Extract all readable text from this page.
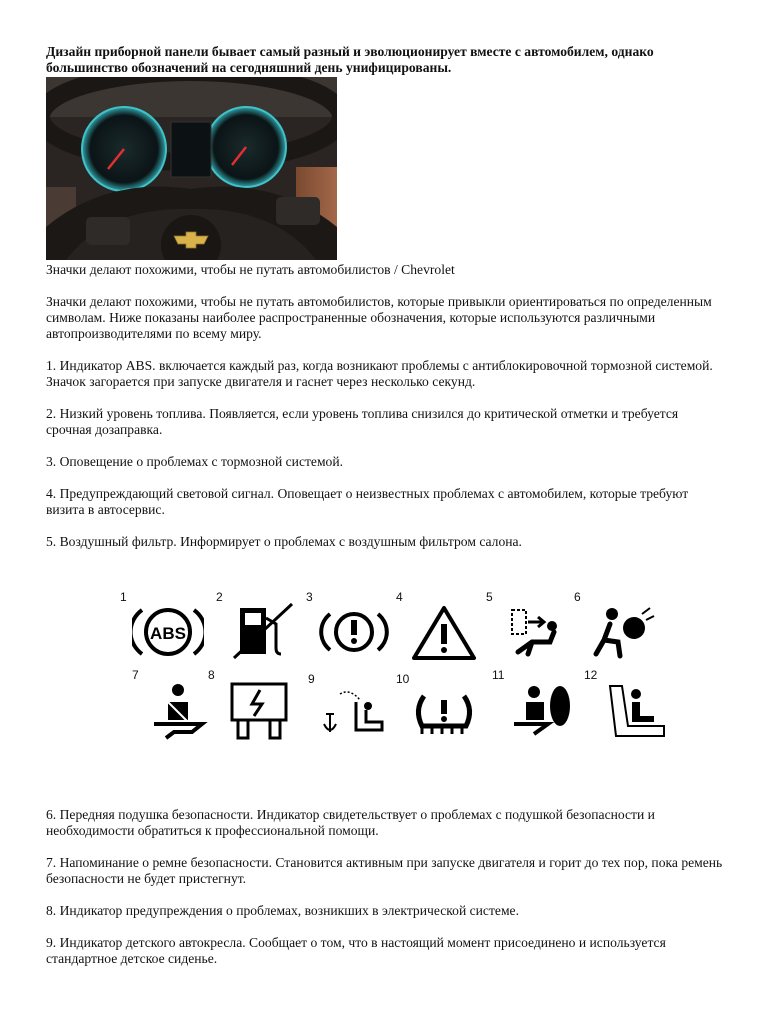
Дизайн приборной панели бывает самый разный и эволюционирует вместе с автомобилем, однако большинство обозначений на сегодняшний день унифицированы.

Значки делают похожими, чтобы не путать автомобилистов / Chevrolet

Значки делают похожими, чтобы не путать автомобилистов, которые привыкли ориентироваться по определенным символам. Ниже показаны наиболее распространенные обозначения, которые используются различными автопроизводителями по всему миру.

1. Индикатор ABS. включается каждый раз, когда возникают проблемы с антиблокировочной тормозной системой. Значок загорается при запуске двигателя и гаснет через несколько секунд.

2. Низкий уровень топлива. Появляется, если уровень топлива снизился до критической отметки и требуется срочная дозаправка.

3. Оповещение о проблемах с тормозной системой.

4. Предупреждающий световой сигнал. Оповещает о неизвестных проблемах с автомобилем, которые требуют визита в автосервис.

5. Воздушный фильтр. Информирует о проблемах с воздушным фильтром салона.

1
ABS
2	3	4	5	6
7	8	9	10	11	12

6. Передняя подушка безопасности. Индикатор свидетельствует о проблемах с подушкой безопасности и необходимости обратиться к профессиональной помощи.

7. Напоминание о ремне безопасности. Становится активным при запуске двигателя и горит до тех пор, пока ремень безопасности не будет пристегнут.

8. Индикатор предупреждения о проблемах, возникших в электрической системе.

9. Индикатор детского автокресла. Сообщает о том, что в настоящий момент присоединено и используется стандартное детское сиденье.
